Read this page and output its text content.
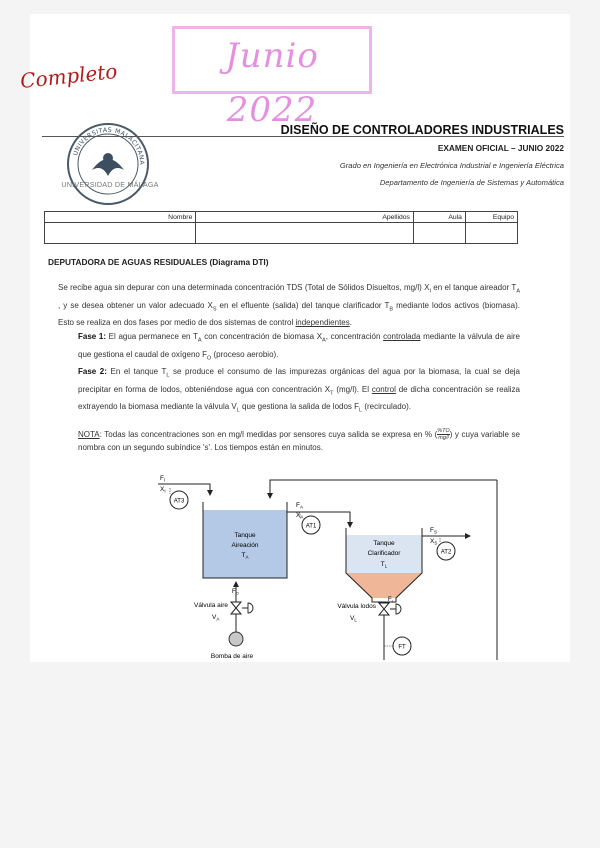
Junio 2022
Completo
UNIVERSITAS MALACITANA
UNIVERSIDAD DE MÁLAGA
DISEÑO DE CONTROLADORES INDUSTRIALES
EXAMEN OFICIAL – JUNIO 2022
Grado en Ingeniería en Electrónica Industrial e Ingeniería Eléctrica
Departamento de Ingeniería de Sistemas y Automática
Nombre	Apellidos	Aula	Equipo

DEPUTADORA DE AGUAS RESIDUALES (Diagrama DTI)
Se recibe agua sin depurar con una determinada concentración TDS (Total de Sólidos Disueltos, mg/l) $X_I$ en el tanque aireador $T_A$ , y se desea obtener un valor adecuado $X_S$ en el efluente (salida) del tanque clarificador $T_B$ mediante lodos activos (biomasa). Esto se realiza en dos fases por medio de dos sistemas de control independientes.
Fase 1: El agua permanece en $T_A$ con concentración de biomasa $X_A$, concentración controlada mediante la válvula de aire que gestiona el caudal de oxígeno $F_O$ (proceso aerobio).
Fase 2: En el tanque $T_L$ se produce el consumo de las impurezas orgánicas del agua por la biomasa, la cual se deja precipitar en forma de lodos, obteniéndose agua con concentración $X_T$ (mg/l). El control de dicha concentración se realiza extrayendo la biomasa mediante la válvula $V_L$ que gestiona la salida de lodos $F_L$ (recirculado).
NOTA: Todas las concentraciones son en mg/l medidas por sensores cuya salida se expresa en % ( $\frac{\%TO}{mg/l}$) y cuya variable se nombra con un segundo subíndice 's'. Los tiempos están en minutos.
$F_I$
$X_I$
AT3
Tanque
Aireación
$T_A$
$F_A$
$X_A$
AT1
Tanque
Clarificador
$T_L$
$F_S$
$X_S$
AT2
$F_O$
Válvula aire
$V_A$
Bomba de aire
$F_L$
Válvula lodos
$V_L$
FT
